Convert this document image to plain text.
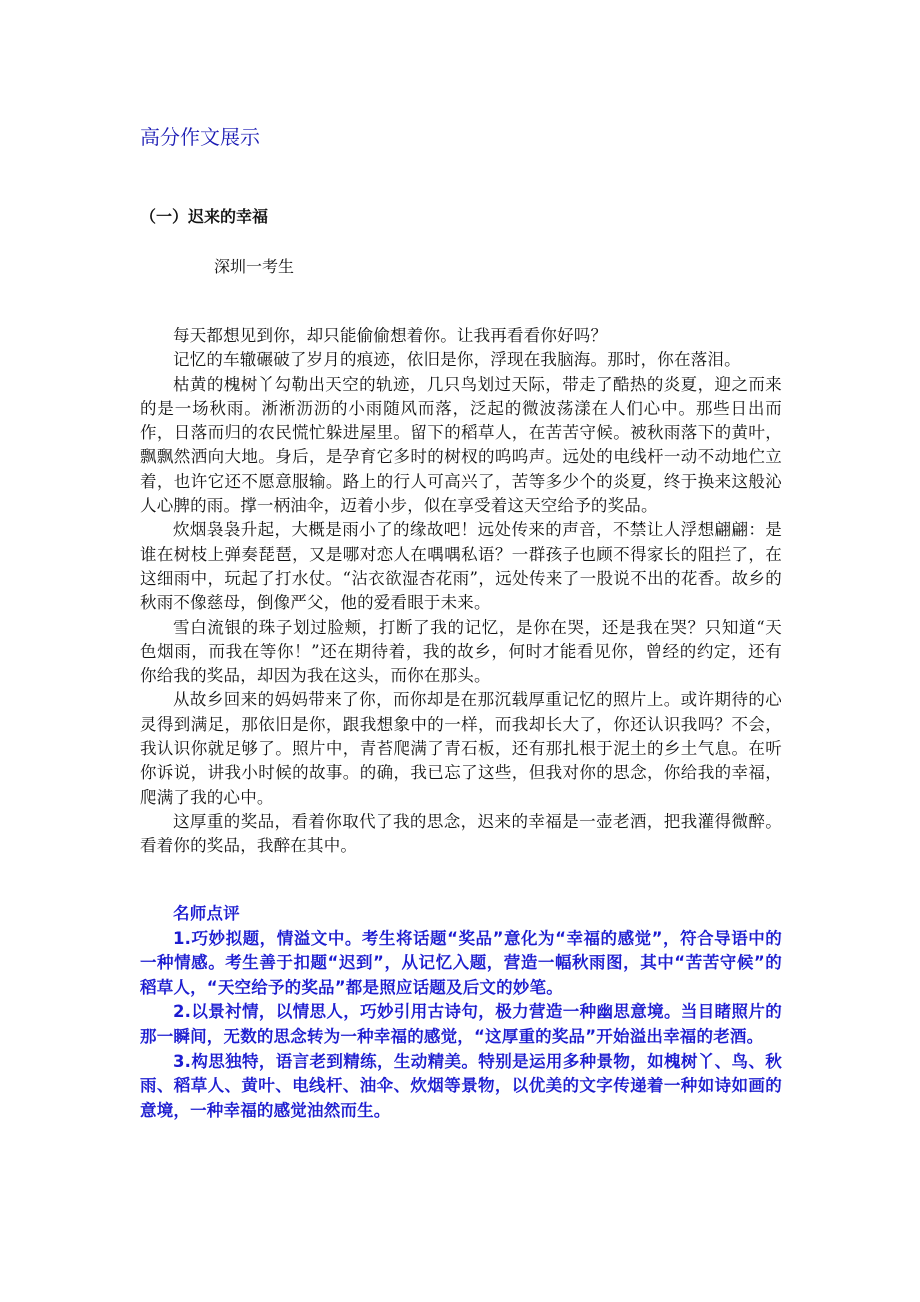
高分作文展示
（一）迟来的幸福
深圳一考生

每天都想见到你，却只能偷偷想着你。让我再看看你好吗？

记忆的车辙碾破了岁月的痕迹，依旧是你，浮现在我脑海。那时，你在落泪。

枯黄的槐树丫勾勒出天空的轨迹，几只鸟划过天际，带走了酷热的炎夏，迎之而来的是一场秋雨。淅淅沥沥的小雨随风而落，泛起的微波荡漾在人们心中。那些日出而作，日落而归的农民慌忙躲进屋里。留下的稻草人，在苦苦守候。被秋雨落下的黄叶，飘飘然洒向大地。身后，是孕育它多时的树杈的呜呜声。远处的电线杆一动不动地伫立着，也许它还不愿意服输。路上的行人可高兴了，苦等多少个的炎夏，终于换来这般沁人心脾的雨。撑一柄油伞，迈着小步，似在享受着这天空给予的奖品。

炊烟袅袅升起，大概是雨小了的缘故吧！远处传来的声音，不禁让人浮想翩翩：是谁在树枝上弹奏琵琶，又是哪对恋人在喁喁私语？一群孩子也顾不得家长的阻拦了，在这细雨中，玩起了打水仗。“沾衣欲湿杏花雨”，远处传来了一股说不出的花香。故乡的秋雨不像慈母，倒像严父，他的爱看眼于未来。

雪白流银的珠子划过脸颊，打断了我的记忆，是你在哭，还是我在哭？只知道“天色烟雨，而我在等你！”还在期待着，我的故乡，何时才能看见你，曾经的约定，还有你给我的奖品，却因为我在这头，而你在那头。

从故乡回来的妈妈带来了你，而你却是在那沉载厚重记忆的照片上。或许期待的心灵得到满足，那依旧是你，跟我想象中的一样，而我却长大了，你还认识我吗？不会，我认识你就足够了。照片中，青苔爬满了青石板，还有那扎根于泥土的乡土气息。在听你诉说，讲我小时候的故事。的确，我已忘了这些，但我对你的思念，你给我的幸福，爬满了我的心中。

这厚重的奖品，看着你取代了我的思念，迟来的幸福是一壶老酒，把我灌得微醉。看着你的奖品，我醉在其中。

名师点评

1.巧妙拟题，情溢文中。考生将话题“奖品”意化为“幸福的感觉”，符合导语中的一种情感。考生善于扣题“迟到”，从记忆入题，营造一幅秋雨图，其中“苦苦守候”的稻草人，“天空给予的奖品”都是照应话题及后文的妙笔。

2.以景衬情，以情思人，巧妙引用古诗句，极力营造一种幽思意境。当目睹照片的那一瞬间，无数的思念转为一种幸福的感觉，“这厚重的奖品”开始溢出幸福的老酒。

3.构思独特，语言老到精练，生动精美。特别是运用多种景物，如槐树丫、鸟、秋雨、稻草人、黄叶、电线杆、油伞、炊烟等景物，以优美的文字传递着一种如诗如画的意境，一种幸福的感觉油然而生。
